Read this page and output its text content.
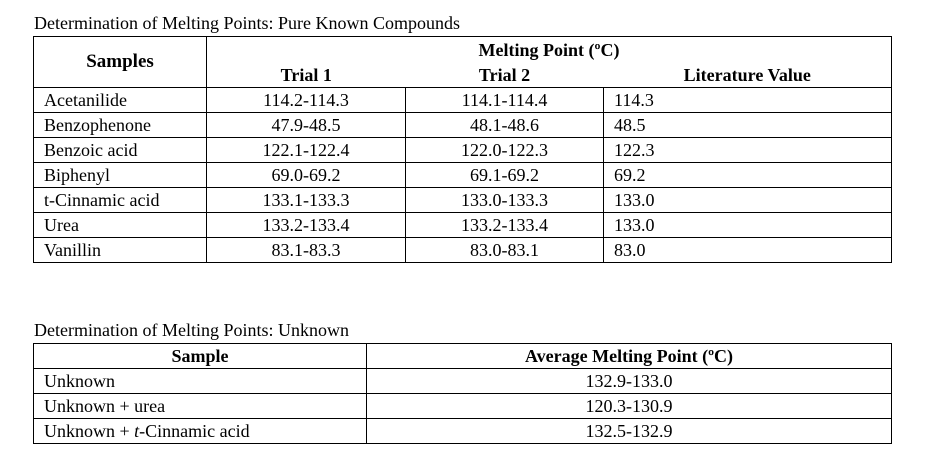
Determination of Melting Points: Pure Known Compounds
Samples	Melting Point (ºC)		
	Trial 1	Trial 2	Literature Value
Acetanilide	114.2-114.3	114.1-114.4	114.3
Benzophenone	47.9-48.5	48.1-48.6	48.5
Benzoic acid	122.1-122.4	122.0-122.3	122.3
Biphenyl	69.0-69.2	69.1-69.2	69.2
t-Cinnamic acid	133.1-133.3	133.0-133.3	133.0
Urea	133.2-133.4	133.2-133.4	133.0
Vanillin	83.1-83.3	83.0-83.1	83.0
Determination of Melting Points: Unknown
Sample	Average Melting Point (ºC)
Unknown	132.9-133.0
Unknown + urea	120.3-130.9
Unknown + t-Cinnamic acid	132.5-132.9
